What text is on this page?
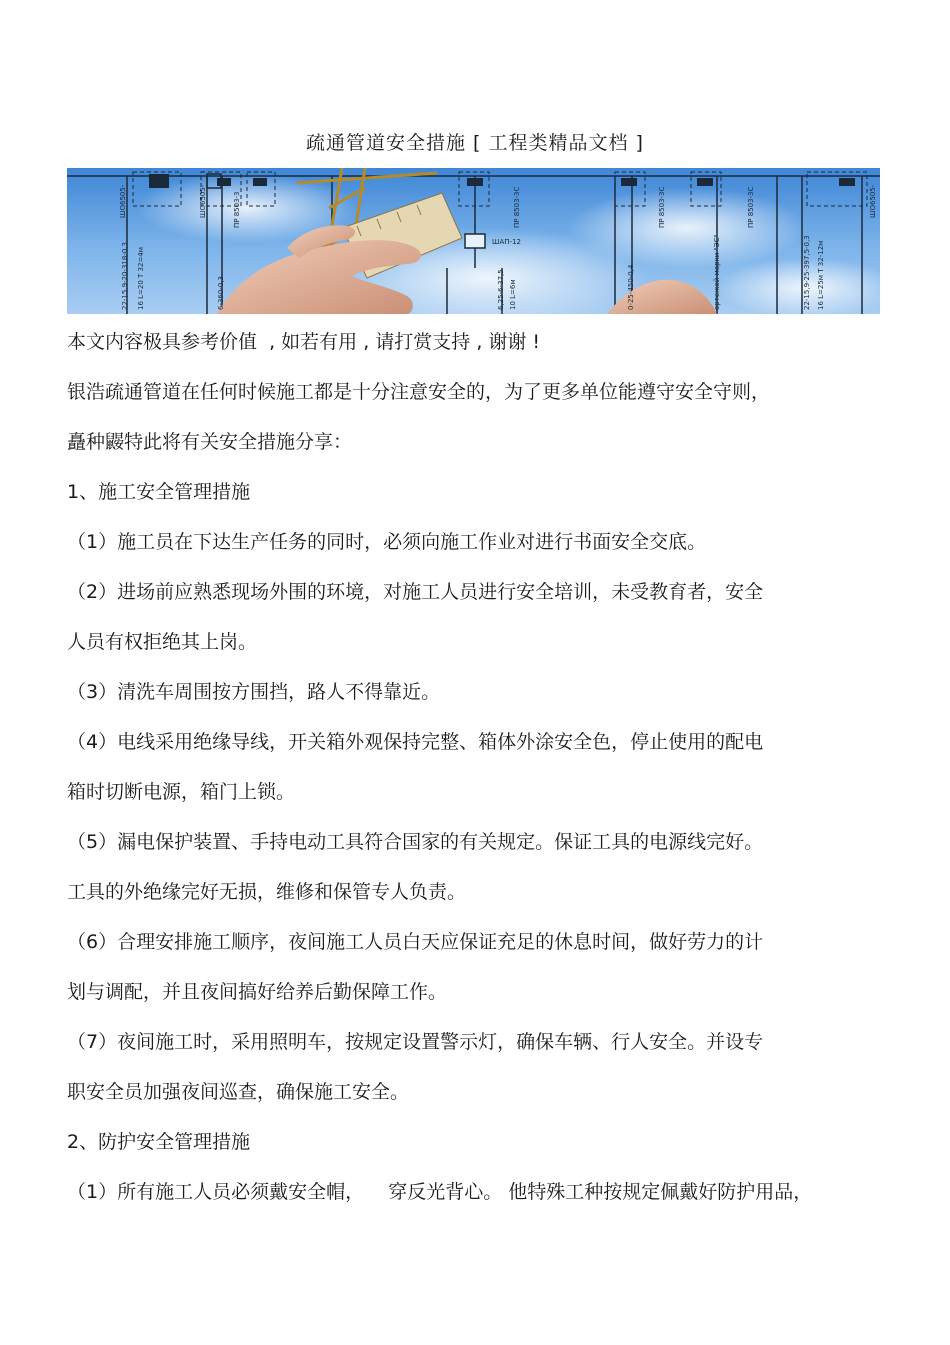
疏通管道安全措施 [ 工程类精品文档 ]
ШО6505-	ШО6505-	ПР 8503-3	ПР 8503-3С	ПР 8503-3С	ПР 8503-3С
ШАП-12
ШО6505-
22-15,9-20-318-0,3 16 L=20 T 32=4м	6-360-0,3	0-25-450-0,4	22-15,9-25-397,5-0,3 16 L=25м T 32-12м
6,25-6-37,5 10 L=6м	ортежей марки "ЭС"
本文内容极具参考价值  , 如若有用 , 请打赏支持 , 谢谢 !
银浩疏通管道在任何时候施工都是十分注意安全的，为了更多单位能遵守安全守则，
矗种鼹特此将有关安全措施分享：
1、施工安全管理措施
（1）施工员在下达生产任务的同时，必须向施工作业对进行书面安全交底。
（2）进场前应熟悉现场外围的环境，对施工人员进行安全培训，未受教育者，安全
人员有权拒绝其上岗。
（3）清洗车周围按方围挡，路人不得靠近。
（4）电线采用绝缘导线，开关箱外观保持完整、箱体外涂安全色，停止使用的配电
箱时切断电源，箱门上锁。
（5）漏电保护装置、手持电动工具符合国家的有关规定。保证工具的电源线完好。
工具的外绝缘完好无损，维修和保管专人负责。
（6）合理安排施工顺序，夜间施工人员白天应保证充足的休息时间，做好劳力的计
划与调配，并且夜间搞好给养后勤保障工作。
（7）夜间施工时，采用照明车，按规定设置警示灯，确保车辆、行人安全。并设专
职安全员加强夜间巡查，确保施工安全。
2、防护安全管理措施
（1）所有施工人员必须戴安全帽，    穿反光背心。 他特殊工种按规定佩戴好防护用品，
